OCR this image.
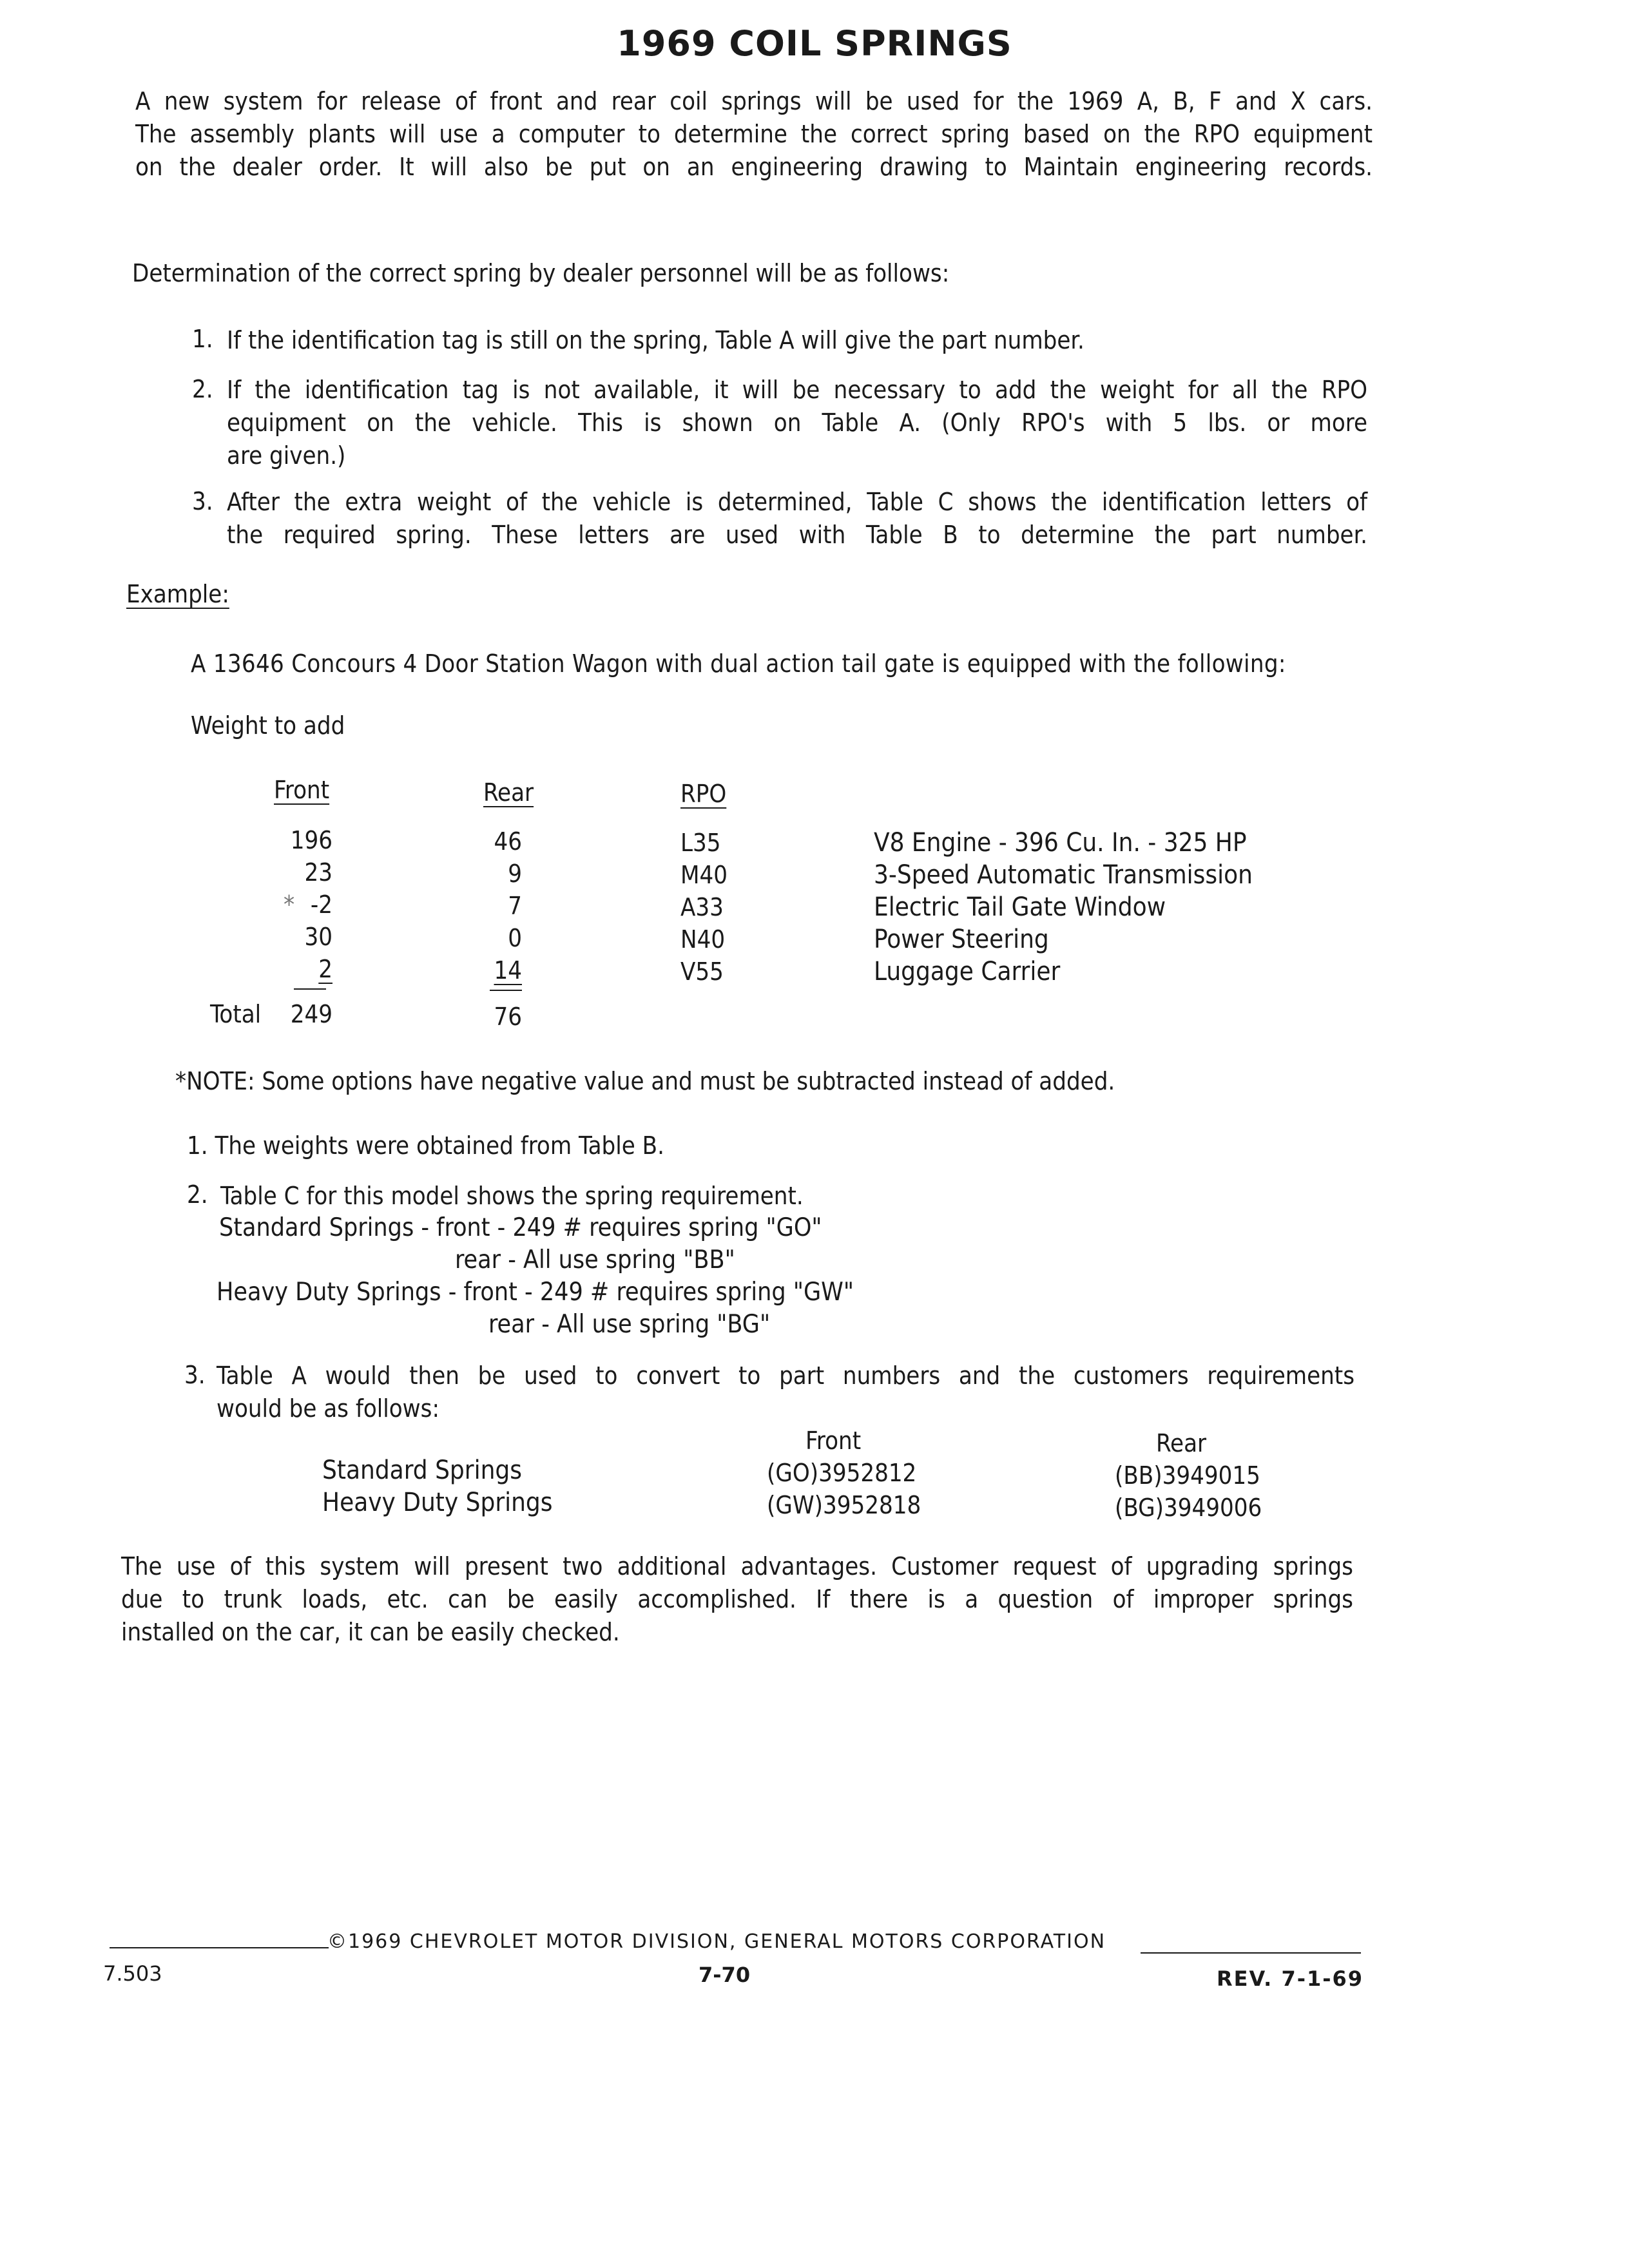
1969 COIL SPRINGS
A new system for release of front and rear coil springs will be used for the 1969 A, B, F and X cars.
The assembly plants will use a computer to determine the correct spring based on the RPO equipment
on the dealer order. It will also be put on an engineering drawing to Maintain engineering records.
Determination of the correct spring by dealer personnel will be as follows:
1. If the identification tag is still on the spring, Table A will give the part number.
2. If the identification tag is not available, it will be necessary to add the weight for all the RPO
equipment on the vehicle. This is shown on Table A. (Only RPO's with 5 lbs. or more
are given.)
3. After the extra weight of the vehicle is determined, Table C shows the identification letters of
the required spring. These letters are used with Table B to determine the part number.
Example:
A 13646 Concours 4 Door Station Wagon with dual action tail gate is equipped with the following:
Weight to add
Front	Rear	RPO
196	46	L35	V8 Engine - 396 Cu. In. - 325 HP
23	9	M40	3-Speed Automatic Transmission
* -2	7	A33	Electric Tail Gate Window
30	0	N40	Power Steering
2	14	V55	Luggage Carrier
Total	249	76
*NOTE: Some options have negative value and must be subtracted instead of added.
1. The weights were obtained from Table B.
2. Table C for this model shows the spring requirement.
Standard Springs - front - 249 # requires spring "GO"
rear - All use spring "BB"
Heavy Duty Springs - front - 249 # requires spring "GW"
rear - All use spring "BG"
3. Table A would then be used to convert to part numbers and the customers requirements
would be as follows:
Front	Rear
Standard Springs	(GO)3952812	(BB)3949015
Heavy Duty Springs	(GW)3952818	(BG)3949006
The use of this system will present two additional advantages. Customer request of upgrading springs
due to trunk loads, etc. can be easily accomplished. If there is a question of improper springs
installed on the car, it can be easily checked.
©1969 CHEVROLET MOTOR DIVISION, GENERAL MOTORS CORPORATION
7.503	7-70	REV. 7-1-69
